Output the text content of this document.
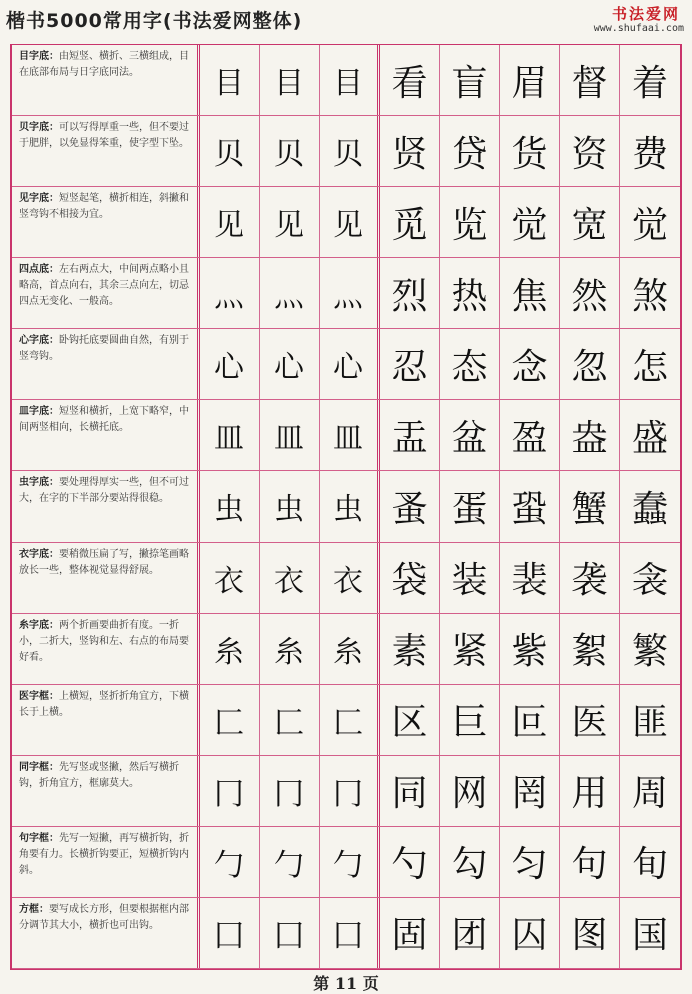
楷书5000常用字(书法爱网整体)	书法爱网
www.shufaai.com
目字底：由短竖、横折、三横组成，目在底部布局与日字底同法。	目 目 目 看 盲 眉 督 着
贝字底：可以写得厚重一些，但不要过于肥胖，以免显得笨重，使字型下坠。 贝 贝 贝 贤 贷 货 资 费
见字底：短竖起笔，横折相连，斜撇和竖弯钩不相接为宜。	见 见 见 觅 览 觉 宽 觉
四点底：左右两点大，中间两点略小且略高，首点向右，其余三点向左，切忌四点无变化、一般高。	灬 灬 灬 烈 热 焦 然 煞
心字底：卧钩托底要圆曲自然，有别于竖弯钩。	心 心 心 忍 态 念 忽 怎
皿字底：短竖和横折，上宽下略窄，中间两竖相向，长横托底。	皿 皿 皿 盂 盆 盈 盎 盛
虫字底：要处理得厚实一些，但不可过大，在字的下半部分要站得很稳。	虫 虫 虫 蚤 蛋 蛩 蟹 蠢
衣字底：要稍微压扁了写，撇捺笔画略放长一些，整体视觉显得舒展。	衣 衣 衣 袋 装 裴 袭 衾
糸字底：两个折画要曲折有度。一折小，二折大，竖钩和左、右点的布局要好看。	糸 糸 糸 素 紧 紫 絮 繁
医字框：上横短，竖折折角宜方，下横长于上横。	匚 匚 匚 区 巨 叵 医 匪
同字框：先写竖或竖撇，然后写横折钩，折角宜方，框廓莫大。	冂 冂 冂 同 网 罔 用 周
句字框：先写一短撇，再写横折钩，折角要有力。长横折钩要正，短横折钩内斜。	勹 勹 勹 勺 勾 匀 句 旬
方框：要写成长方形，但要根据框内部分调节其大小，横折也可出钩。	囗 囗 囗 固 团 囚 图 国
第 11 页
